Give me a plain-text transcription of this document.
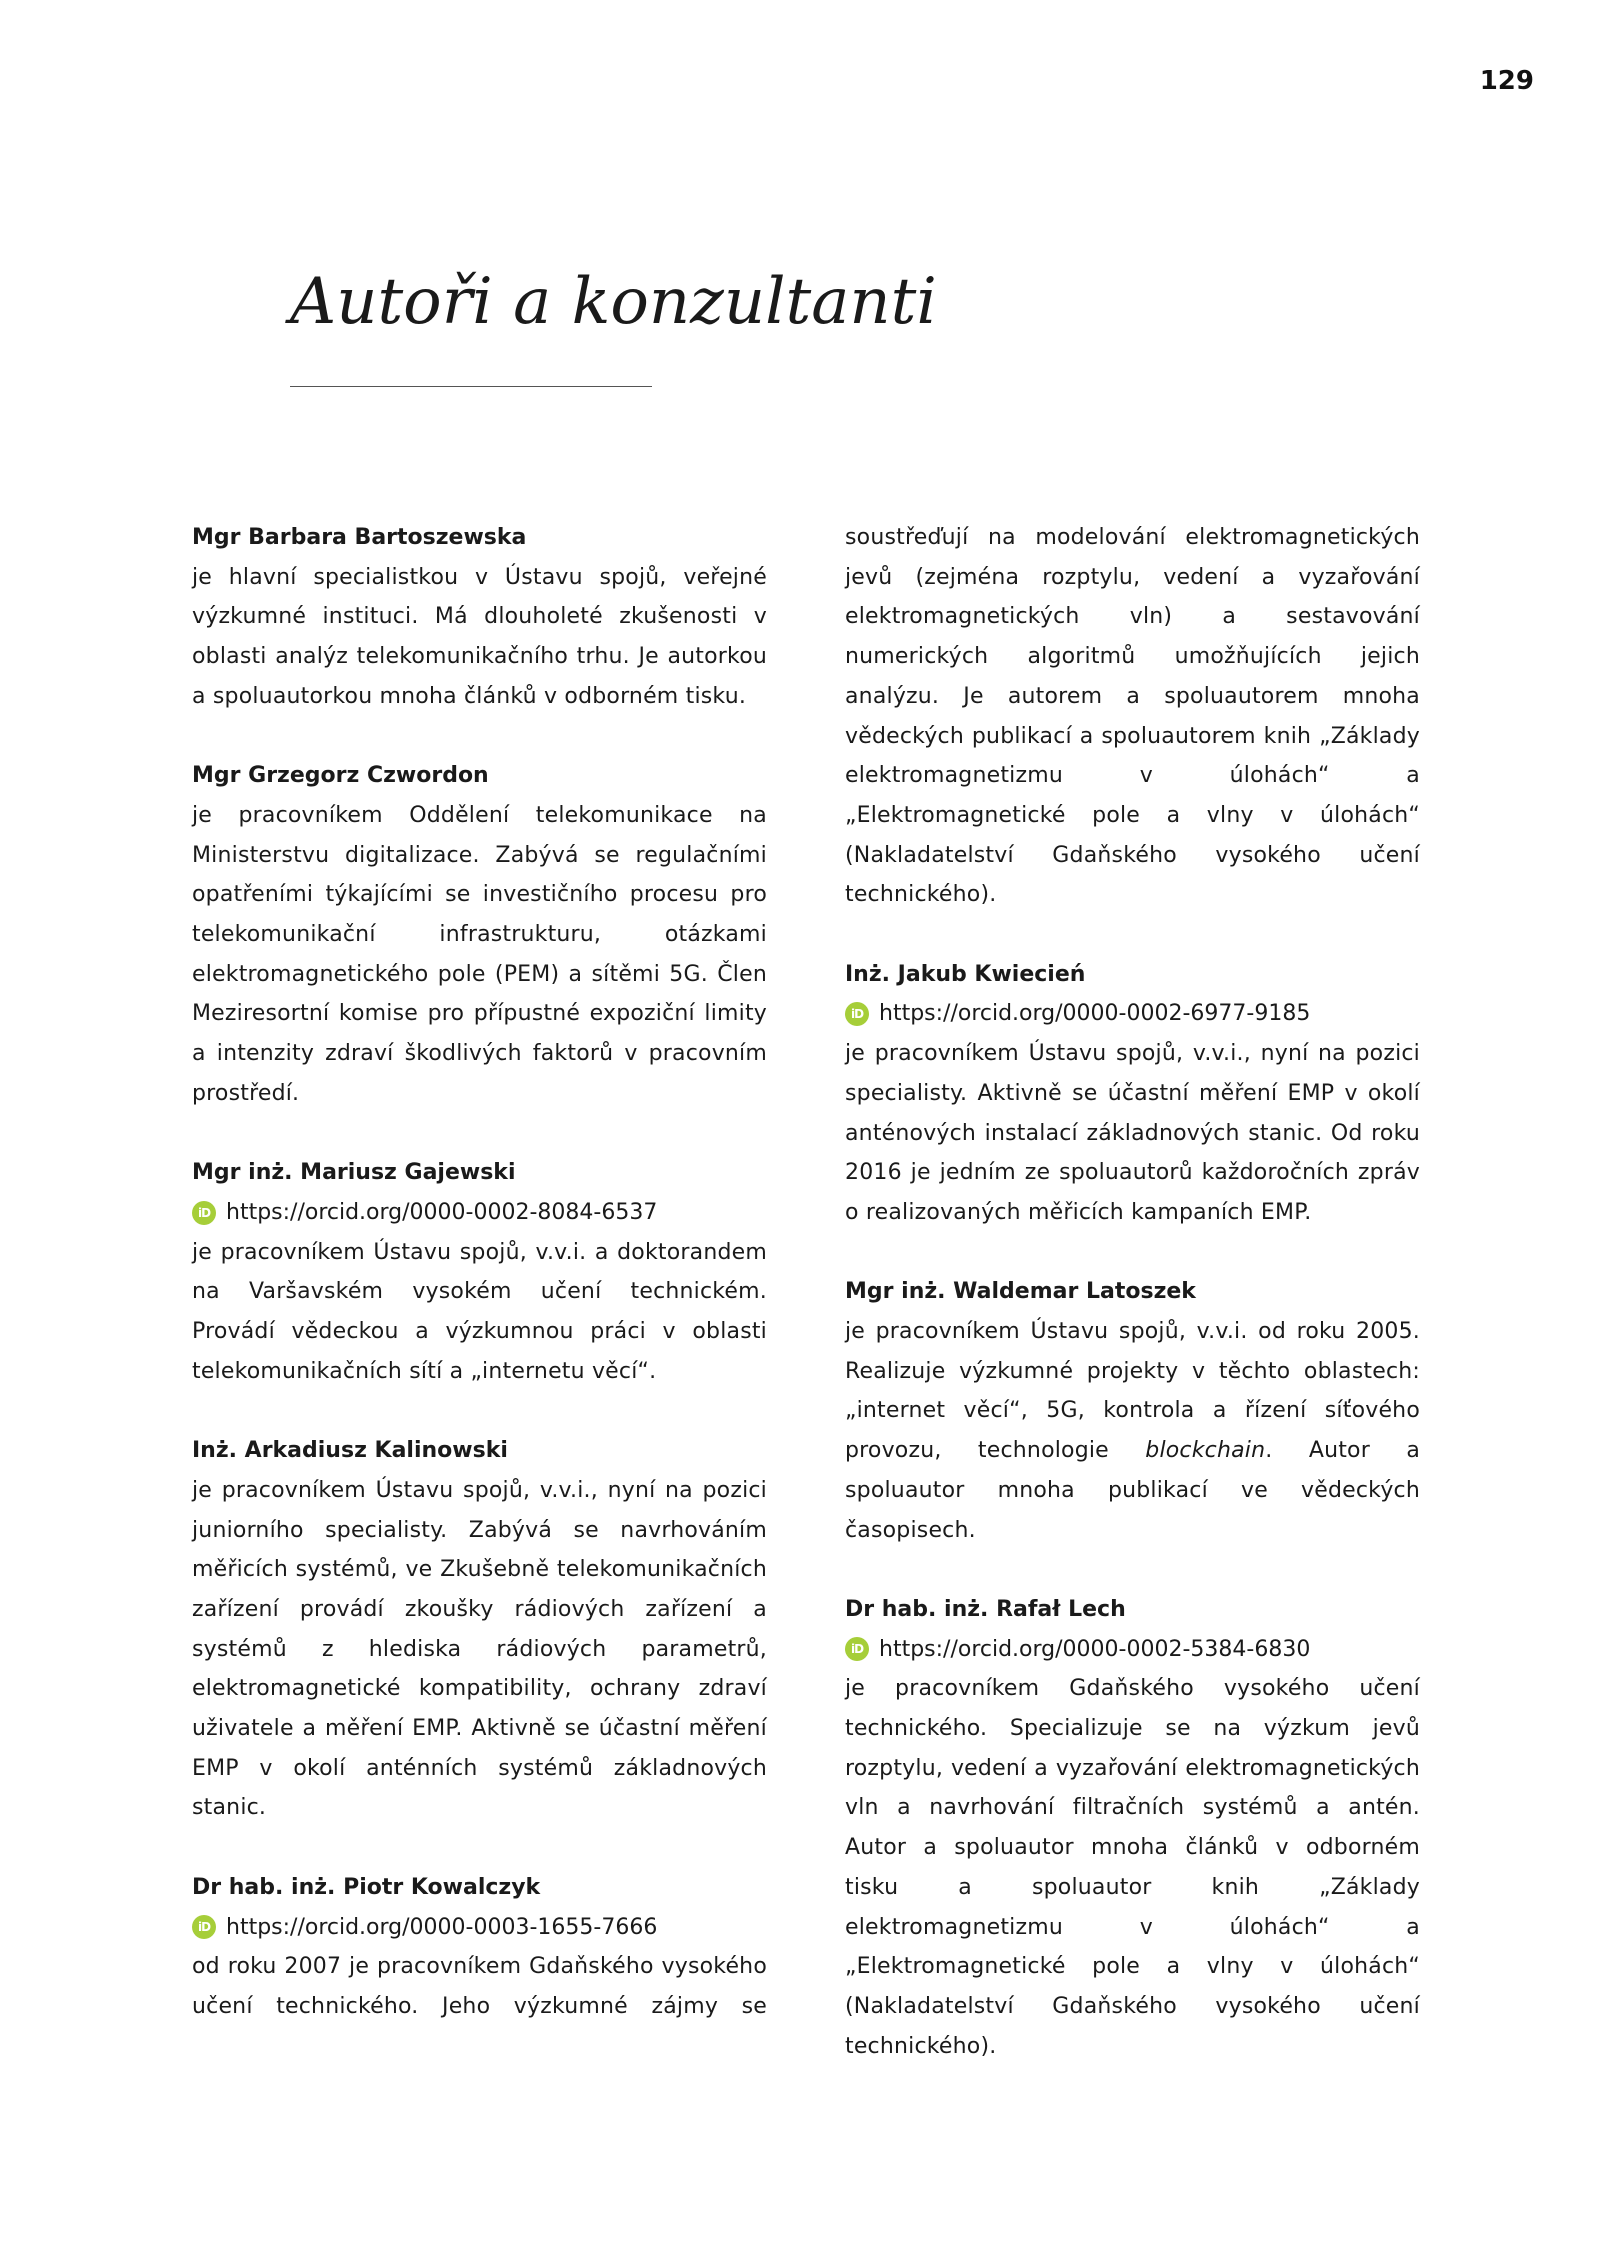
129
Autoři a konzultanti

Mgr Barbara Bartoszewska

je hlavní specialistkou v Ústavu spojů, veřejné výzkumné instituci. Má dlouholeté zkušenosti v oblasti analýz telekomunikačního trhu. Je autorkou a spoluautorkou mnoha článků v odborném tisku.

Mgr Grzegorz Czwordon

je pracovníkem Oddělení telekomunikace na Ministerstvu digitalizace. Zabývá se regulačními opatřeními týkajícími se investičního procesu pro telekomunikační infrastrukturu, otázkami elektromagnetického pole (PEM) a sítěmi 5G. Člen Meziresortní komise pro přípustné expoziční limity a intenzity zdraví škodlivých faktorů v pracovním prostředí.

Mgr inż. Mariusz Gajewski

iD https://orcid.org/0000-0002-8084-6537

je pracovníkem Ústavu spojů, v.v.i. a doktorandem na Varšavském vysokém učení technickém. Provádí vědeckou a výzkumnou práci v oblasti telekomunikačních sítí a „internetu věcí“.

Inż. Arkadiusz Kalinowski

je pracovníkem Ústavu spojů, v.v.i., nyní na pozici juniorního specialisty. Zabývá se navrhováním měřicích systémů, ve Zkušebně telekomunikačních zařízení provádí zkoušky rádiových zařízení a systémů z hlediska rádiových parametrů, elektromagnetické kompatibility, ochrany zdraví uživatele a měření EMP. Aktivně se účastní měření EMP v okolí anténních systémů základnových stanic.

Dr hab. inż. Piotr Kowalczyk

iD https://orcid.org/0000-0003-1655-7666

od roku 2007 je pracovníkem Gdaňského vysokého učení technického. Jeho výzkumné zájmy se

soustřeďují na modelování elektromagnetických jevů (zejména rozptylu, vedení a vyzařování elektromagnetických vln) a sestavování numerických algoritmů umožňujících jejich analýzu. Je autorem a spoluautorem mnoha vědeckých publikací a spoluautorem knih „Základy elektromagnetizmu v úlohách“ a „Elektromagnetické pole a vlny v úlohách“ (Nakladatelství Gdaňského vysokého učení technického).

Inż. Jakub Kwiecień

iD https://orcid.org/0000-0002-6977-9185

je pracovníkem Ústavu spojů, v.v.i., nyní na pozici specialisty. Aktivně se účastní měření EMP v okolí anténových instalací základnových stanic. Od roku 2016 je jedním ze spoluautorů každoročních zpráv o realizovaných měřicích kampaních EMP.

Mgr inż. Waldemar Latoszek

je pracovníkem Ústavu spojů, v.v.i. od roku 2005. Realizuje výzkumné projekty v těchto oblastech: „internet věcí“, 5G, kontrola a řízení síťového provozu, technologie blockchain. Autor a spoluautor mnoha publikací ve vědeckých časopisech.

Dr hab. inż. Rafał Lech

iD https://orcid.org/0000-0002-5384-6830

je pracovníkem Gdaňského vysokého učení technického. Specializuje se na výzkum jevů rozptylu, vedení a vyzařování elektromagnetických vln a navrhování filtračních systémů a antén. Autor a spoluautor mnoha článků v odborném tisku a spoluautor knih „Základy elektromagnetizmu v úlohách“ a „Elektromagnetické pole a vlny v úlohách“ (Nakladatelství Gdaňského vysokého učení technického).
